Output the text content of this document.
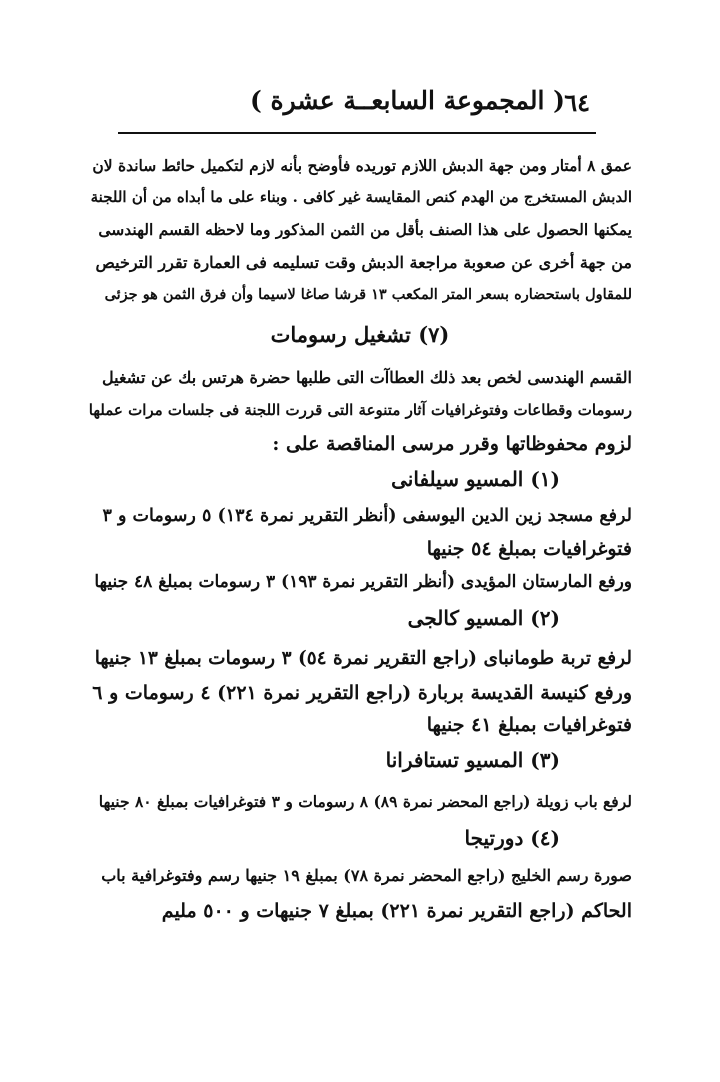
٦٤
( المجموعة السابعــة عشرة )
عمق ٨ أمتار ومن جهة الدبش اللازم توريده فأوضح بأنه لازم لتكميل حائط ساندة لان
الدبش المستخرج من الهدم كنص المقايسة غير كافى . وبناء على ما أبداه من أن اللجنة
يمكنها الحصول على هذا الصنف بأقل من الثمن المذكور وما لاحظه القسم الهندسى
من جهة أخرى عن صعوبة مراجعة الدبش وقت تسليمه فى العمارة تقرر الترخيص
للمقاول باستحضاره بسعر المتر المكعب ١٣ قرشا صاغا لاسيما وأن فرق الثمن هو جزئى
(٧) تشغيل رسومات
القسم الهندسى لخص بعد ذلك العطاآت التى طلبها حضرة هرتس بك عن تشغيل
رسومات وقطاعات وفتوغرافيات آثار متنوعة التى قررت اللجنة فى جلسات مرات عملها
لزوم محفوظاتها وقرر مرسى المناقصة على :
(١) المسيو سيلفانى
لرفع مسجد زين الدين اليوسفى (أنظر التقرير نمرة ١٣٤) ٥ رسومات و ٣
فتوغرافيات بمبلغ ٥٤ جنيها
ورفع المارستان المؤيدى (أنظر التقرير نمرة ١٩٣) ٣ رسومات بمبلغ ٤٨ جنيها
(٢) المسيو كالجى
لرفع تربة طومانباى (راجع التقرير نمرة ٥٤) ٣ رسومات بمبلغ ١٣ جنيها
ورفع كنيسة القديسة بربارة (راجع التقرير نمرة ٢٢١) ٤ رسومات و ٦
فتوغرافيات بمبلغ ٤١ جنيها
(٣) المسيو تستافرانا
لرفع باب زويلة (راجع المحضر نمرة ٨٩) ٨ رسومات و ٣ فتوغرافيات بمبلغ ٨٠ جنيها
(٤) دورتيجا
صورة رسم الخليج (راجع المحضر نمرة ٧٨) بمبلغ ١٩ جنيها رسم وفتوغرافية باب
الحاكم (راجع التقرير نمرة ٢٢١) بمبلغ ٧ جنيهات و ٥٠٠ مليم
